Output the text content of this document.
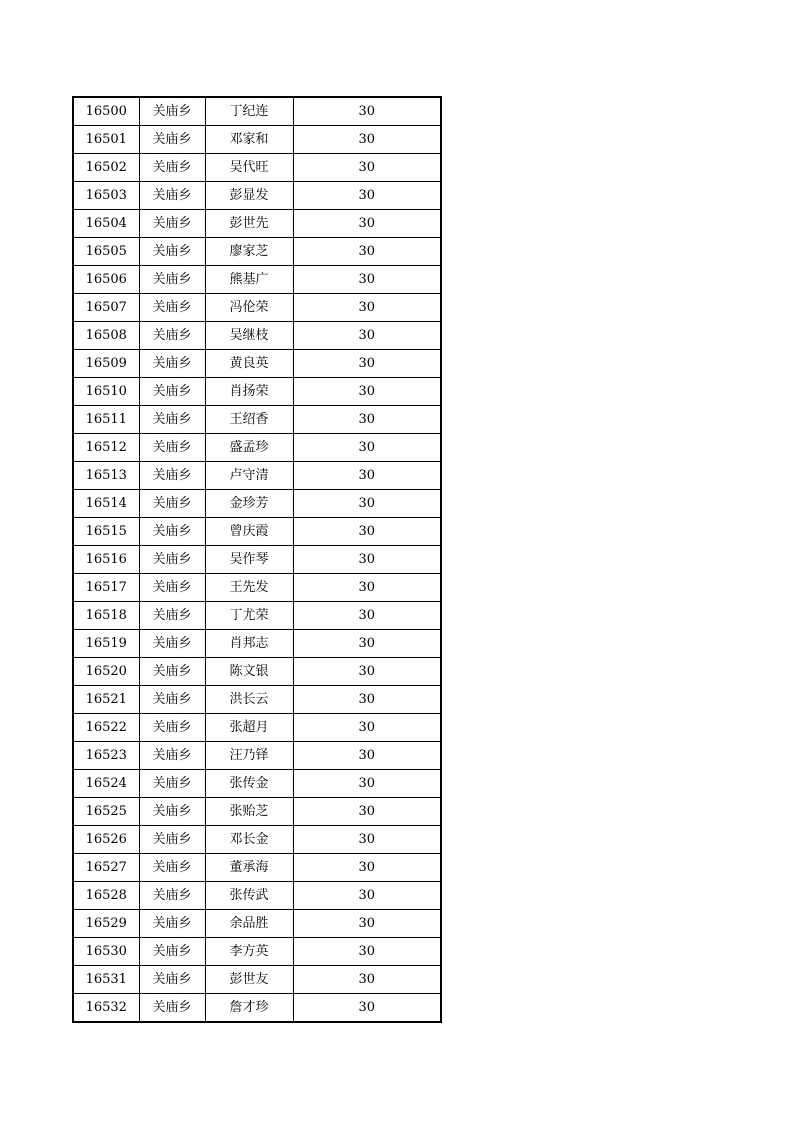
16500	关庙乡	丁纪连	30
16501	关庙乡	邓家和	30
16502	关庙乡	吴代旺	30
16503	关庙乡	彭显发	30
16504	关庙乡	彭世先	30
16505	关庙乡	廖家芝	30
16506	关庙乡	熊基广	30
16507	关庙乡	冯伦荣	30
16508	关庙乡	吴继枝	30
16509	关庙乡	黄良英	30
16510	关庙乡	肖扬荣	30
16511	关庙乡	王绍香	30
16512	关庙乡	盛孟珍	30
16513	关庙乡	卢守清	30
16514	关庙乡	金珍芳	30
16515	关庙乡	曾庆霞	30
16516	关庙乡	吴作琴	30
16517	关庙乡	王先发	30
16518	关庙乡	丁尤荣	30
16519	关庙乡	肖邦志	30
16520	关庙乡	陈文银	30
16521	关庙乡	洪长云	30
16522	关庙乡	张超月	30
16523	关庙乡	汪乃铎	30
16524	关庙乡	张传金	30
16525	关庙乡	张贻芝	30
16526	关庙乡	邓长金	30
16527	关庙乡	董承海	30
16528	关庙乡	张传武	30
16529	关庙乡	余品胜	30
16530	关庙乡	李方英	30
16531	关庙乡	彭世友	30
16532	关庙乡	詹才珍	30
